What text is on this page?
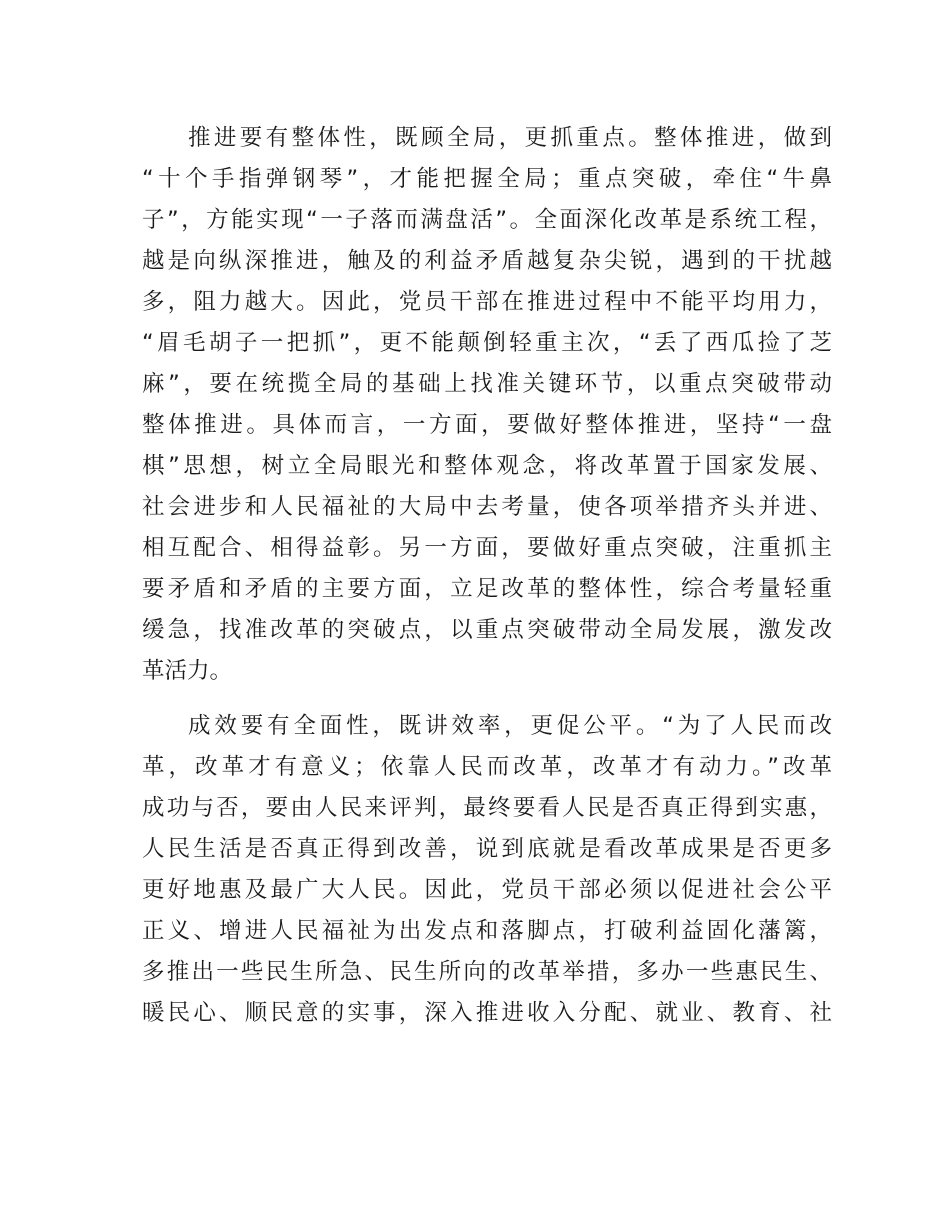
推进要有整体性，既顾全局，更抓重点。整体推进，做到
“十个手指弹钢琴”，才能把握全局；重点突破，牵住“牛鼻
子”，方能实现“一子落而满盘活”。全面深化改革是系统工程，
越是向纵深推进，触及的利益矛盾越复杂尖锐，遇到的干扰越
多，阻力越大。因此，党员干部在推进过程中不能平均用力，
“眉毛胡子一把抓”，更不能颠倒轻重主次，“丢了西瓜捡了芝
麻”，要在统揽全局的基础上找准关键环节，以重点突破带动
整体推进。具体而言，一方面，要做好整体推进，坚持“一盘
棋”思想，树立全局眼光和整体观念，将改革置于国家发展、
社会进步和人民福祉的大局中去考量，使各项举措齐头并进、
相互配合、相得益彰。另一方面，要做好重点突破，注重抓主
要矛盾和矛盾的主要方面，立足改革的整体性，综合考量轻重
缓急，找准改革的突破点，以重点突破带动全局发展，激发改
革活力。
成效要有全面性，既讲效率，更促公平。“为了人民而改
革，改革才有意义；依靠人民而改革，改革才有动力。”改革
成功与否，要由人民来评判，最终要看人民是否真正得到实惠，
人民生活是否真正得到改善，说到底就是看改革成果是否更多
更好地惠及最广大人民。因此，党员干部必须以促进社会公平
正义、增进人民福祉为出发点和落脚点，打破利益固化藩篱，
多推出一些民生所急、民生所向的改革举措，多办一些惠民生、
暖民心、顺民意的实事，深入推进收入分配、就业、教育、社
